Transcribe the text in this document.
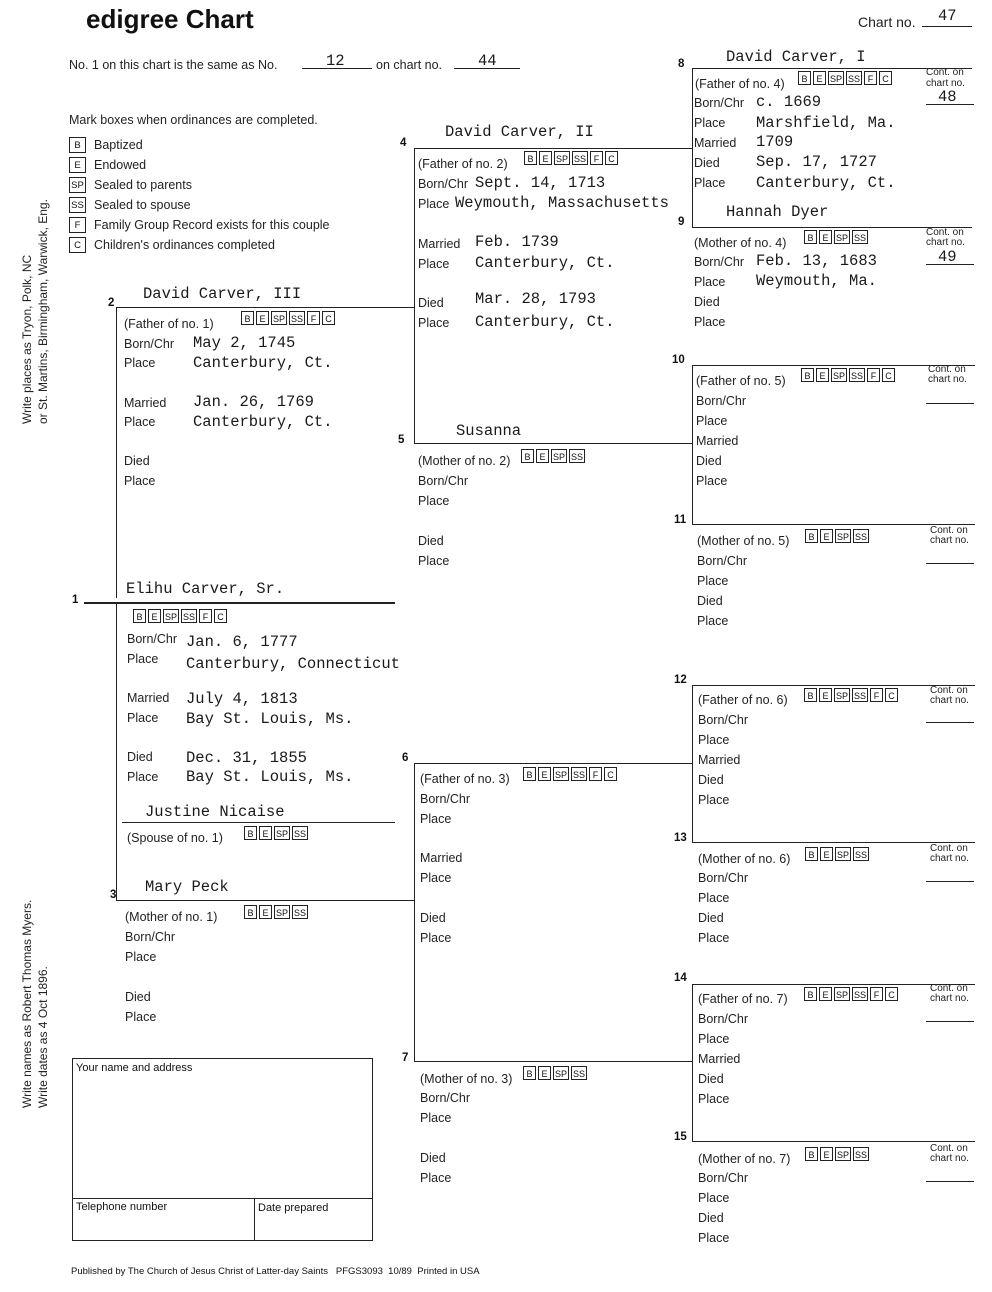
edigree Chart	Chart no. 47
No. 1 on this chart is the same as No.	12	on chart no. 44
Mark boxes when ordinances are completed.
B	Baptized
E	Endowed
SP Sealed to parents
SS Sealed to spouse
F	Family Group Record exists for this couple
C	Children's ordinances completed
Write places as Tryon, Polk, NC or St. Martins, Birmingham, Warwick, Eng.
Write names as Robert Thomas Myers. Write dates as 4 Oct 1896.
1
Elihu Carver, Sr.
B E SP SS F	C
Born/Chr Jan. 6, 1777
Place Canterbury, Connecticut
Married July 4, 1813
Place Bay St. Louis, Ms.
Died Dec. 31, 1855
Place Bay St. Louis, Ms.
Justine Nicaise
(Spouse of no. 1)	B E SP SS
2 David Carver, III
(Father of no. 1)	B E SP SS F	C
Born/Chr May 2, 1745
Place Canterbury, Ct.
Married Jan. 26, 1769
Place Canterbury, Ct.
Died
Place
3 Mary Peck
(Mother of no. 1)	B E SP SS
Born/Chr
Place
Died
Place
4
David Carver, II
(Father of no. 2)	B E SP SS F	C
Born/Chr Sept. 14, 1713
Place Weymouth, Massachusetts
Married Feb. 1739
Place Canterbury, Ct.
Died Mar. 28, 1793
Place Canterbury, Ct.
5	Susanna
(Mother of no. 2)	B E SP SS
Born/Chr
Place
Died
Place
6
(Father of no. 3)	B E SP SS F	C
Born/Chr
Place
Married
Place
Died
Place
7
(Mother of no. 3)	B E SP SS
Born/Chr
Place
Died
Place
8	David Carver, I
(Father of no. 4)	B E SP SS F	C
Cont. on
chart no.
48
Born/Chr c. 1669
Place Marshfield, Ma.
Married 1709
Died Sep. 17, 1727
Place Canterbury, Ct.
9
Hannah Dyer
(Mother of no. 4)	B E SP SS	Cont. on
chart no.
49
Born/Chr Feb. 13, 1683
Place Weymouth, Ma.
Died
Place
10
(Father of no. 5)	B E SP SS F	C
Cont. on
chart no.
Born/Chr
Place
Married
Died
Place
11
(Mother of no. 5)	B E SP SS
Cont. on
chart no.
Born/Chr
Place
Died
Place
12
(Father of no. 6)	B E SP SS F	C	Cont. on
chart no.
Born/Chr
Place
Married
Died
Place
13
(Mother of no. 6)	B E SP SS
Cont. on
chart no.
Born/Chr
Place
Died
Place
14
(Father of no. 7)	B E SP SS F	C
Cont. on
chart no.
Born/Chr
Place
Married
Died
Place
15
(Mother of no. 7)	B E SP SS
Cont. on
chart no.
Born/Chr
Place
Died
Place
Your name and address
Telephone number	Date prepared
Published by The Church of Jesus Christ of Latter-day Saints   PFGS3093  10/89  Printed in USA
